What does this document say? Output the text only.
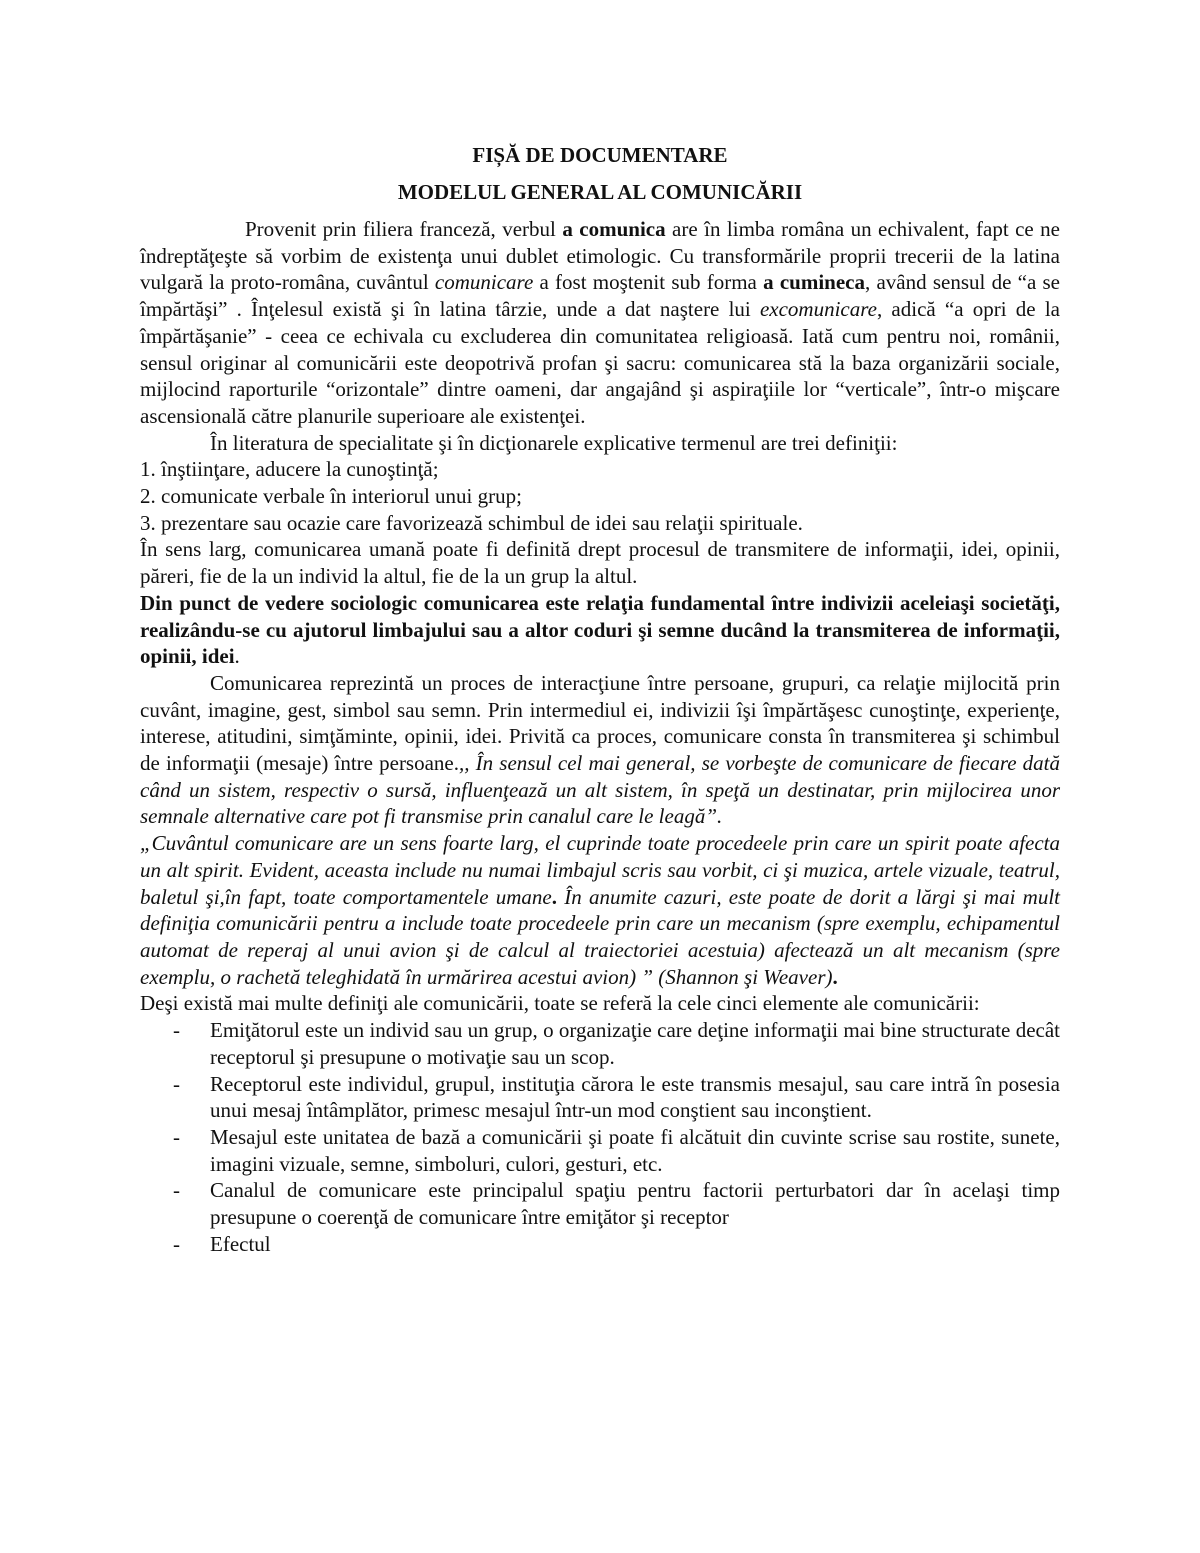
FIȘĂ DE DOCUMENTARE
MODELUL GENERAL AL COMUNICĂRII

Provenit prin filiera franceză, verbul a comunica are în limba romȃna un echivalent, fapt ce ne îndreptăţeşte să vorbim de existenţa unui dublet etimologic. Cu transformările proprii trecerii de la latina vulgară la proto-romȃna, cuvȃntul comunicare a fost moştenit sub forma a cumineca, avȃnd sensul de “a se împărtăşi” . Înţelesul există şi în latina tȃrzie, unde a dat naştere lui excomunicare, adică “a opri de la împărtăşanie” - ceea ce echivala cu excluderea din comunitatea religioasă. Iată cum pentru noi, romȃnii, sensul originar al comunicării este deopotrivă profan şi sacru: comunicarea stă la baza organizării sociale, mijlocind raporturile “orizontale” dintre oameni, dar angajȃnd şi aspiraţiile lor “verticale”, într-o mişcare ascensională către planurile superioare ale existenţei.

În literatura de specialitate şi în dicţionarele explicative termenul are trei definiţii:

1. înştiinţare, aducere la cunoştinţă;

2. comunicate verbale în interiorul unui grup;

3. prezentare sau ocazie care favorizează schimbul de idei sau relaţii spirituale.

În sens larg, comunicarea umană poate fi definită drept procesul de transmitere de informaţii, idei, opinii, păreri, fie de la un individ la altul, fie de la un grup la altul.

Din punct de vedere sociologic comunicarea este relaţia fundamental între indivizii aceleiaşi societăţi, realizându-se cu ajutorul limbajului sau a altor coduri şi semne ducând la transmiterea de informaţii, opinii, idei.

Comunicarea reprezintă un proces de interacţiune între persoane, grupuri, ca relaţie mijlocită prin cuvânt, imagine, gest, simbol sau semn. Prin intermediul ei, indivizii îşi împărtăşesc cunoştinţe, experienţe, interese, atitudini, simţăminte, opinii, idei. Privită ca proces, comunicare consta în transmiterea şi schimbul de informaţii (mesaje) între persoane.,, În sensul cel mai general, se vorbeşte de comunicare de fiecare dată când un sistem, respectiv o sursă, influenţează un alt sistem, în speţă un destinatar, prin mijlocirea unor semnale alternative care pot fi transmise prin canalul care le leagă”.

„Cuvântul comunicare are un sens foarte larg, el cuprinde toate procedeele prin care un spirit poate afecta un alt spirit. Evident, aceasta include nu numai limbajul scris sau vorbit, ci şi muzica, artele vizuale, teatrul, baletul şi,în fapt, toate comportamentele umane. În anumite cazuri, este poate de dorit a lărgi şi mai mult definiţia comunicării pentru a include toate procedeele prin care un mecanism (spre exemplu, echipamentul automat de reperaj al unui avion şi de calcul al traiectoriei acestuia) afectează un alt mecanism (spre exemplu, o rachetă teleghidată în urmărirea acestui avion) ” (Shannon şi Weaver).

Deşi există mai multe definiţi ale comunicării, toate se referă la cele cinci elemente ale comunicării:

- Emiţătorul este un individ sau un grup, o organizaţie care deţine informaţii mai bine structurate decât receptorul şi presupune o motivaţie sau un scop.
- Receptorul este individul, grupul, instituţia cărora le este transmis mesajul, sau care intră în posesia unui mesaj întâmplător, primesc mesajul într-un mod conştient sau inconştient.
- Mesajul este unitatea de bază a comunicării şi poate fi alcătuit din cuvinte scrise sau rostite, sunete, imagini vizuale, semne, simboluri, culori, gesturi, etc.
- Canalul de comunicare este principalul spaţiu pentru factorii perturbatori dar în acelaşi timp presupune o coerenţă de comunicare între emiţător şi receptor
- Efectul
